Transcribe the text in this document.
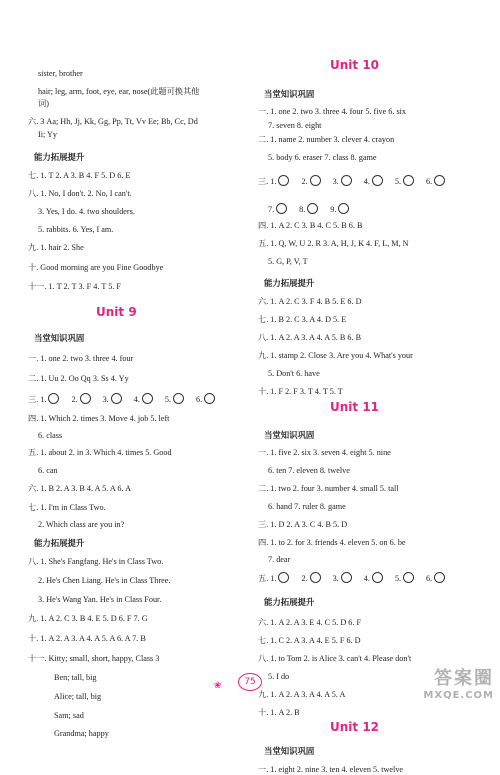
sister, brother
hair; leg, arm, foot, eye, ear, nose(此题可换其他
词)
六. 3 Aa; Hh, Jj, Kk, Gg, Pp, Tt, Vv Ee; Bb, Cc, Dd
Ii; Yy
能力拓展提升
七. 1. T 2. A 3. B 4. F 5. D 6. E
八. 1. No, I don't. 2. No, I can't.
3. Yes, I do. 4. two shoulders.
5. rabbits. 6. Yes, I am.
九. 1. hair 2. She
十. Good morning are you Fine Goodbye
十一. 1. T 2. T 3. F 4. T 5. F
Unit 9
当堂知识巩固
一. 1. one 2. two 3. three 4. four
二. 1. Uu 2. Oo Qq 3. Ss 4. Yy
三. 1.	2.	3.	4.	5.	6.
四. 1. Which 2. times 3. Move 4. job 5. left
6. class
五. 1. about 2. in 3. Which 4. times 5. Good
6. can
六. 1. B 2. A 3. B 4. A 5. A 6. A
七. 1. I'm in Class Two.
2. Which class are you in?
能力拓展提升
八. 1. She's Fangfang. He's in Class Two.
2. He's Chen Liang. He's in Class Three.
3. He's Wang Yan. He's in Class Four.
九. 1. A 2. C 3. B 4. E 5. D 6. F 7. G
十. 1. A 2. A 3. A 4. A 5. A 6. A 7. B
十一. Kitty; small, short, happy, Class 3
Ben; tall, big
Alice; tall, big
Sam; sad
Grandma; happy
Unit 10
当堂知识巩固
一. 1. one 2. two 3. three 4. four 5. five 6. six
7. seven 8. eight
二. 1. name 2. number 3. clever 4. crayon
5. body 6. eraser 7. class 8. game
三. 1.	2.	3.	4.	5.	6.
7.	8.	9.
四. 1. A 2. C 3. B 4. C 5. B 6. B
五. 1. Q, W, U 2. R 3. A, H, J, K 4. F, L, M, N
5. G, P, V, T
能力拓展提升
六. 1. A 2. C 3. F 4. B 5. E 6. D
七. 1. B 2. C 3. A 4. D 5. E
八. 1. A 2. A 3. A 4. A 5. B 6. B
九. 1. stamp 2. Close 3. Are you 4. What's your
5. Don't 6. have
十. 1. F 2. F 3. T 4. T 5. T
Unit 11
当堂知识巩固
一. 1. five 2. six 3. seven 4. eight 5. nine
6. ten 7. eleven 8. twelve
二. 1. two 2. four 3. number 4. small 5. tall
6. hand 7. ruler 8. game
三. 1. D 2. A 3. C 4. B 5. D
四. 1. to 2. for 3. friends 4. eleven 5. on 6. be
7. dear
五. 1.	2.	3.	4.	5.	6.
能力拓展提升
六. 1. A 2. A 3. E 4. C 5. D 6. F
七. 1. C 2. A 3. A 4. E 5. F 6. D
八. 1. to Tom 2. is Alice 3. can't 4. Please don't
5. I do
九. 1. A 2. A 3. A 4. A 5. A
十. 1. A 2. B
Unit 12
当堂知识巩固
一. 1. eight 2. nine 3. ten 4. eleven 5. twelve
❀	75	答案圈
MXQE.COM
